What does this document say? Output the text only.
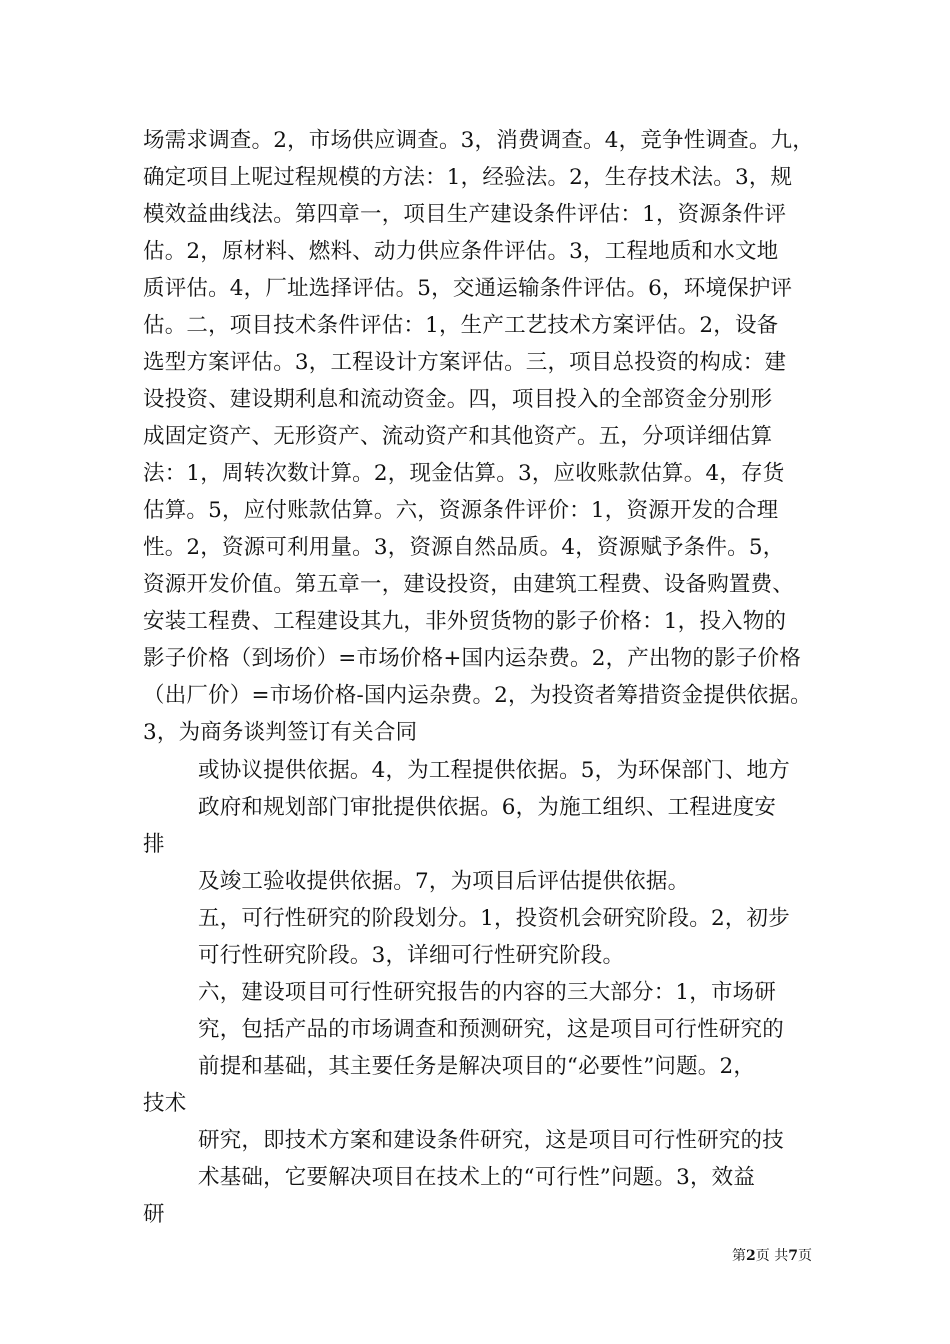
场需求调查。2，市场供应调查。3，消费调查。4，竞争性调查。九，
确定项目上呢过程规模的方法：1，经验法。2，生存技术法。3，规
模效益曲线法。第四章一，项目生产建设条件评估：1，资源条件评
估。2，原材料、燃料、动力供应条件评估。3，工程地质和水文地
质评估。4，厂址选择评估。5，交通运输条件评估。6，环境保护评
估。二，项目技术条件评估：1，生产工艺技术方案评估。2，设备
选型方案评估。3，工程设计方案评估。三，项目总投资的构成：建
设投资、建设期利息和流动资金。四，项目投入的全部资金分别形
成固定资产、无形资产、流动资产和其他资产。五，分项详细估算
法：1，周转次数计算。2，现金估算。3，应收账款估算。4，存货
估算。5，应付账款估算。六，资源条件评价：1，资源开发的合理
性。2，资源可利用量。3，资源自然品质。4，资源赋予条件。5，
资源开发价值。第五章一，建设投资，由建筑工程费、设备购置费、
安装工程费、工程建设其九，非外贸货物的影子价格：1，投入物的
影子价格（到场价）=市场价格+国内运杂费。2，产出物的影子价格
（出厂价）=市场价格-国内运杂费。2，为投资者筹措资金提供依据。
3，为商务谈判签订有关合同
或协议提供依据。4，为工程提供依据。5，为环保部门、地方
政府和规划部门审批提供依据。6，为施工组织、工程进度安
排
及竣工验收提供依据。7，为项目后评估提供依据。
五，可行性研究的阶段划分。1，投资机会研究阶段。2，初步
可行性研究阶段。3，详细可行性研究阶段。
六，建设项目可行性研究报告的内容的三大部分：1，市场研
究，包括产品的市场调查和预测研究，这是项目可行性研究的
前提和基础，其主要任务是解决项目的“必要性”问题。2，
技术
研究，即技术方案和建设条件研究，这是项目可行性研究的技
术基础，它要解决项目在技术上的“可行性”问题。3，效益
研
第2页 共7页
